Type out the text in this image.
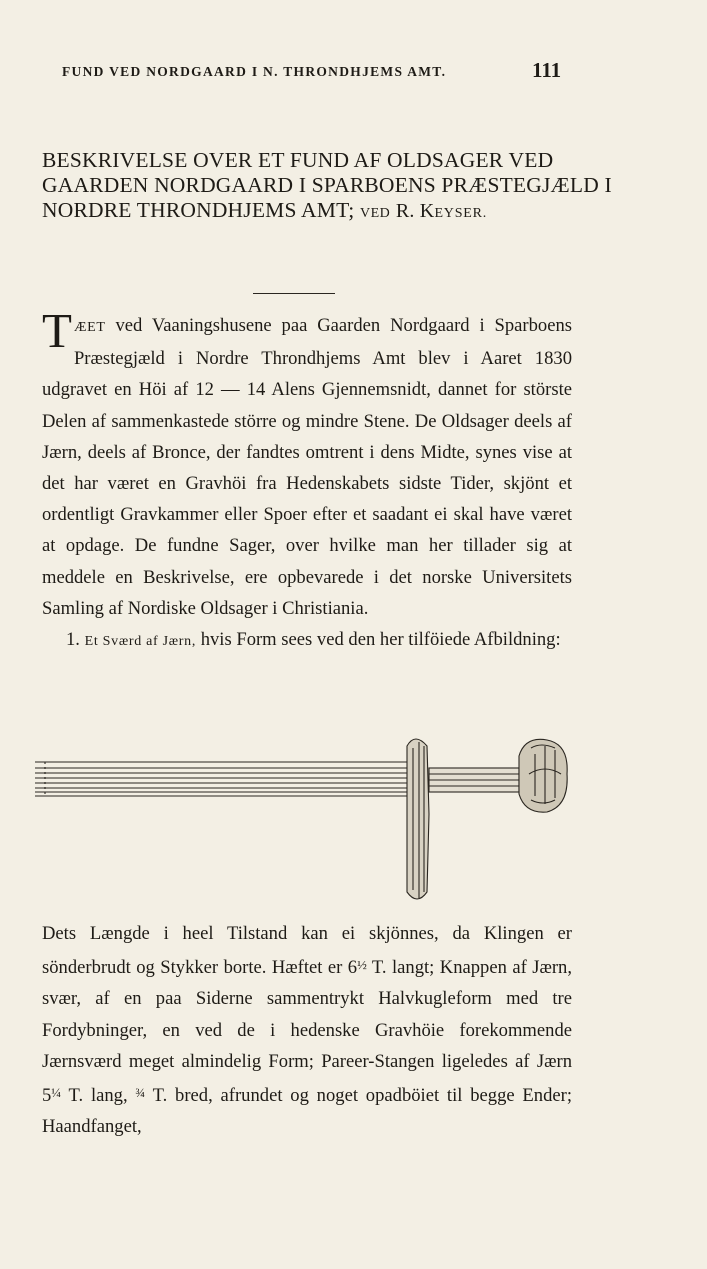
FUND VED NORDGAARD I N. THRONDHJEMS AMT.	111
BESKRIVELSE OVER ET FUND AF OLDSAGER VED GAARDEN NORDGAARD I SPARBOENS PRÆSTEGJÆLD I NORDRE THRONDHJEMS AMT; VED R. KEYSER.

TÆET ved Vaaningshusene paa Gaarden Nordgaard i Sparboens Præstegjæld i Nordre Throndhjems Amt blev i Aaret 1830 udgravet en Höi af 12 — 14 Alens Gjennemsnidt, dannet for störste Delen af sammenkastede större og mindre Stene. De Oldsager deels af Jærn, deels af Bronce, der fandtes omtrent i dens Midte, synes vise at det har været en Gravhöi fra Hedenskabets sidste Tider, skjönt et ordentligt Gravkammer eller Spoer efter et saadant ei skal have været at opdage. De fundne Sager, over hvilke man her tillader sig at meddele en Beskrivelse, ere opbevarede i det norske Universitets Samling af Nordiske Oldsager i Christiania.

1. Et Sværd af Jærn, hvis Form sees ved den her tilföiede Afbildning:

Dets Længde i heel Tilstand kan ei skjönnes, da Klingen er sönderbrudt og Stykker borte. Hæftet er $6^{\frac{1}{2}}$ T. langt; Knappen af Jærn, svær, af en paa Siderne sammentrykt Halvkugleform med tre Fordybninger, en ved de i hedenske Gravhöie forekommende Jærnsværd meget almindelig Form; Pareer-Stangen ligeledes af Jærn $5^{\frac{1}{4}}$ T. lang, $^{\frac{3}{4}}$ T. bred, afrundet og noget opadböiet til begge Ender; Haandfanget,
